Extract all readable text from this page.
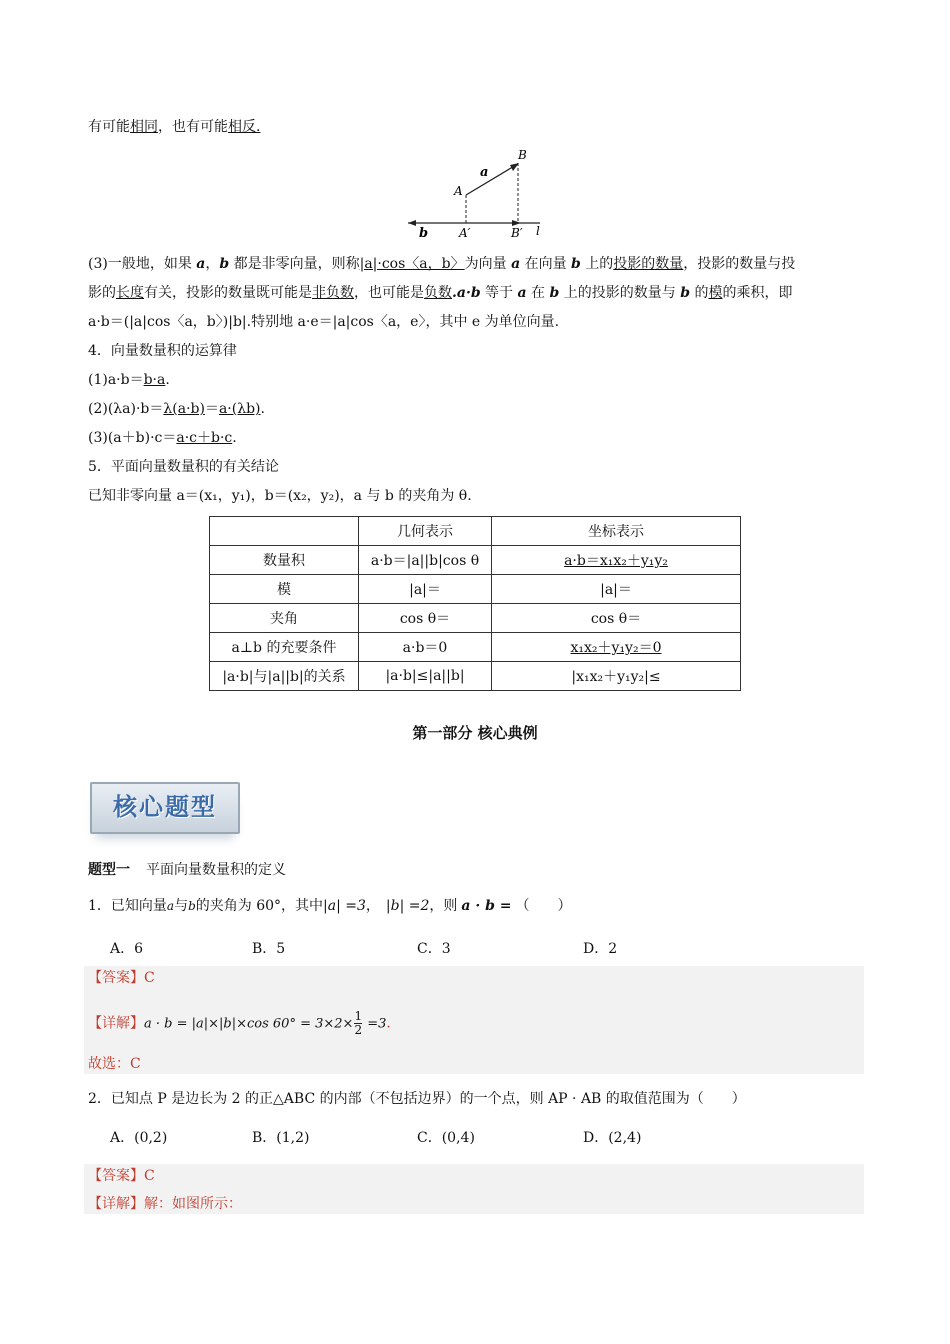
有可能相同，也有可能相反.
a
A
B
b	A′	B′ l
(3)一般地，如果 a，b 都是非零向量，则称|a|·cos〈a，b〉为向量 a 在向量 b 上的投影的数量，投影的数量与投
影的长度有关，投影的数量既可能是非负数，也可能是负数.a·b 等于 a 在 b 上的投影的数量与 b 的模的乘积，即
a·b＝(|a|cos〈a，b〉)|b|.特别地 a·e＝|a|cos〈a，e〉，其中 e 为单位向量.
4．向量数量积的运算律
(1)a·b＝b·a.
(2)(λa)·b＝λ(a·b)＝a·(λb).
(3)(a＋b)·c＝a·c＋b·c.
5．平面向量数量积的有关结论
已知非零向量 a＝(x₁，y₁)，b＝(x₂，y₂)，a 与 b 的夹角为 θ.
	几何表示	坐标表示
数量积	a·b＝|a||b|cos θ	a·b＝x₁x₂＋y₁y₂
模	|a|＝	|a|＝
夹角	cos θ＝	cos θ＝
a⊥b 的充要条件	a·b＝0	x₁x₂＋y₁y₂＝0
|a·b|与|a||b|的关系	|a·b|≤|a||b|	|x₁x₂＋y₁y₂|≤
第一部分 核心典例
核心题型
题型一 平面向量数量积的定义
1．已知向量a与b的夹角为 60°，其中|a| =3， |b| =2，则 a · b = （　　）
A．6	B．5	C．3	D．2
【答案】C
【详解】a · b = |a|×|b|×cos $60^\circ = 3\times 2\times \frac{1}{2} =3$.
故选：C
2．已知点 P 是边长为 2 的正△ABC 的内部（不包括边界）的一个点，则 AP · AB 的取值范围为（　　）
A．(0,2)	B．(1,2)	C．(0,4)	D．(2,4)
【答案】C
【详解】解：如图所示：
